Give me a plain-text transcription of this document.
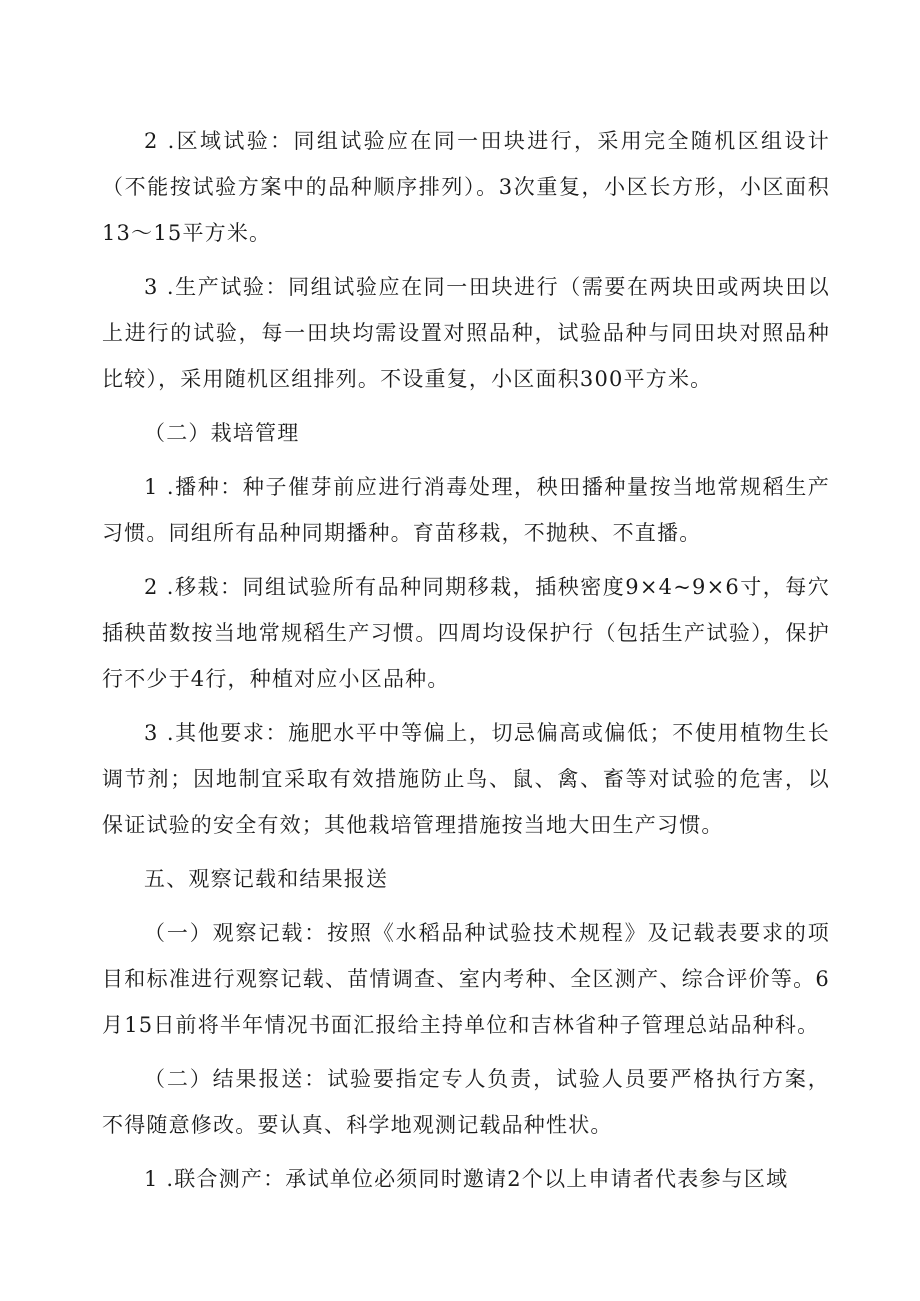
2 .区域试验：同组试验应在同一田块进行，采用完全随机区组设计（不能按试验方案中的品种顺序排列）。3次重复，小区长方形，小区面积13～15平方米。

3 .生产试验：同组试验应在同一田块进行（需要在两块田或两块田以上进行的试验，每一田块均需设置对照品种，试验品种与同田块对照品种比较），采用随机区组排列。不设重复，小区面积300平方米。

（二）栽培管理

1 .播种：种子催芽前应进行消毒处理，秧田播种量按当地常规稻生产习惯。同组所有品种同期播种。育苗移栽，不抛秧、不直播。

2 .移栽：同组试验所有品种同期移栽，插秧密度9×4~9×6寸，每穴插秧苗数按当地常规稻生产习惯。四周均设保护行（包括生产试验），保护行不少于4行，种植对应小区品种。

3 .其他要求：施肥水平中等偏上，切忌偏高或偏低；不使用植物生长调节剂；因地制宜采取有效措施防止鸟、鼠、禽、畜等对试验的危害，以保证试验的安全有效；其他栽培管理措施按当地大田生产习惯。

五、观察记载和结果报送

（一）观察记载：按照《水稻品种试验技术规程》及记载表要求的项目和标准进行观察记载、苗情调查、室内考种、全区测产、综合评价等。6月15日前将半年情况书面汇报给主持单位和吉林省种子管理总站品种科。

（二）结果报送：试验要指定专人负责，试验人员要严格执行方案，不得随意修改。要认真、科学地观测记载品种性状。

1 .联合测产：承试单位必须同时邀请2个以上申请者代表参与区域
